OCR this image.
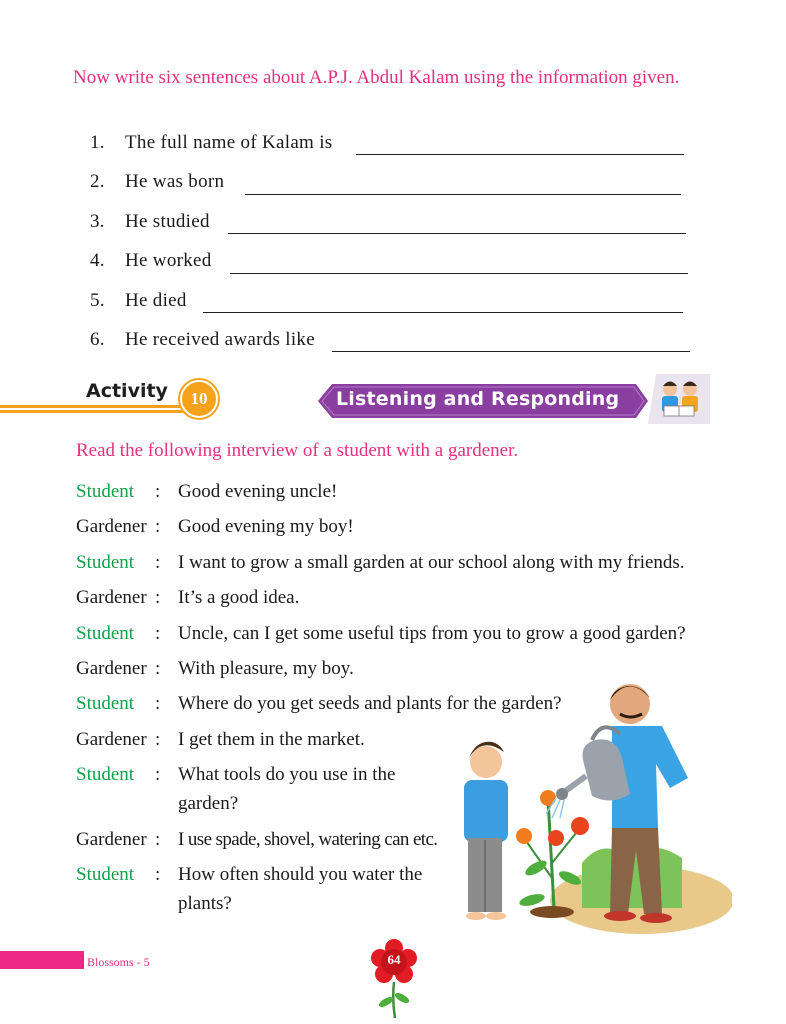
Now write six sentences about A.P.J. Abdul Kalam using the information given.
1. The full name of Kalam is
2. He was born
3. He studied
4. He worked
5. He died
6. He received awards like
Activity	10	Listening and Responding
Read the following interview of a student with a gardener.
Student : Good evening uncle!
Gardener : Good evening my boy!
Student : I want to grow a small garden at our school along with my friends.
Gardener : It’s a good idea.
Student : Uncle, can I get some useful tips from you to grow a good garden?
Gardener : With pleasure, my boy.
Student : Where do you get seeds and plants for the garden?
Gardener : I get them in the market.
Student : What tools do you use in the garden?
Gardener : I use spade, shovel, watering can etc.
Student : How often should you water the plants?
Blossoms - 5	64
